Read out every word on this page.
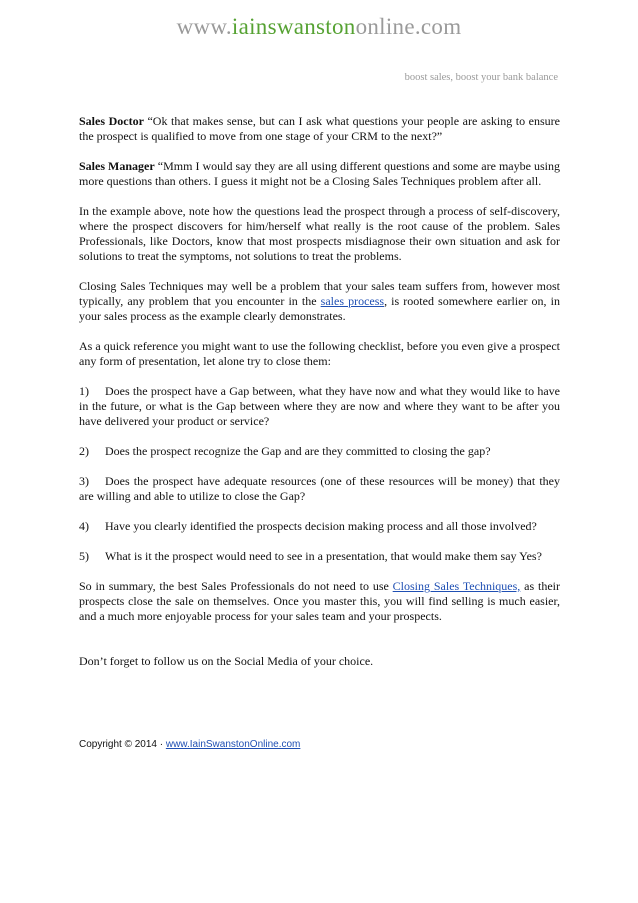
www.iainswanstononline.com
boost sales, boost your bank balance

Sales Doctor “Ok that makes sense, but can I ask what questions your people are asking to ensure the prospect is qualified to move from one stage of your CRM to the next?”

Sales Manager “Mmm I would say they are all using different questions and some are maybe using more questions than others. I guess it might not be a Closing Sales Techniques problem after all.

In the example above, note how the questions lead the prospect through a process of self-discovery, where the prospect discovers for him/herself what really is the root cause of the problem. Sales Professionals, like Doctors, know that most prospects misdiagnose their own situation and ask for solutions to treat the symptoms, not solutions to treat the problems.

Closing Sales Techniques may well be a problem that your sales team suffers from, however most typically, any problem that you encounter in the sales process, is rooted somewhere earlier on, in your sales process as the example clearly demonstrates.

As a quick reference you might want to use the following checklist, before you even give a prospect any form of presentation, let alone try to close them:

1) Does the prospect have a Gap between, what they have now and what they would like to have in the future, or what is the Gap between where they are now and where they want to be after you have delivered your product or service?

2) Does the prospect recognize the Gap and are they committed to closing the gap?

3) Does the prospect have adequate resources (one of these resources will be money) that they are willing and able to utilize to close the Gap?

4) Have you clearly identified the prospects decision making process and all those involved?

5) What is it the prospect would need to see in a presentation, that would make them say Yes?

So in summary, the best Sales Professionals do not need to use Closing Sales Techniques, as their prospects close the sale on themselves. Once you master this, you will find selling is much easier, and a much more enjoyable process for your sales team and your prospects.

Don’t forget to follow us on the Social Media of your choice.

Copyright © 2014 · www.IainSwanstonOnline.com
